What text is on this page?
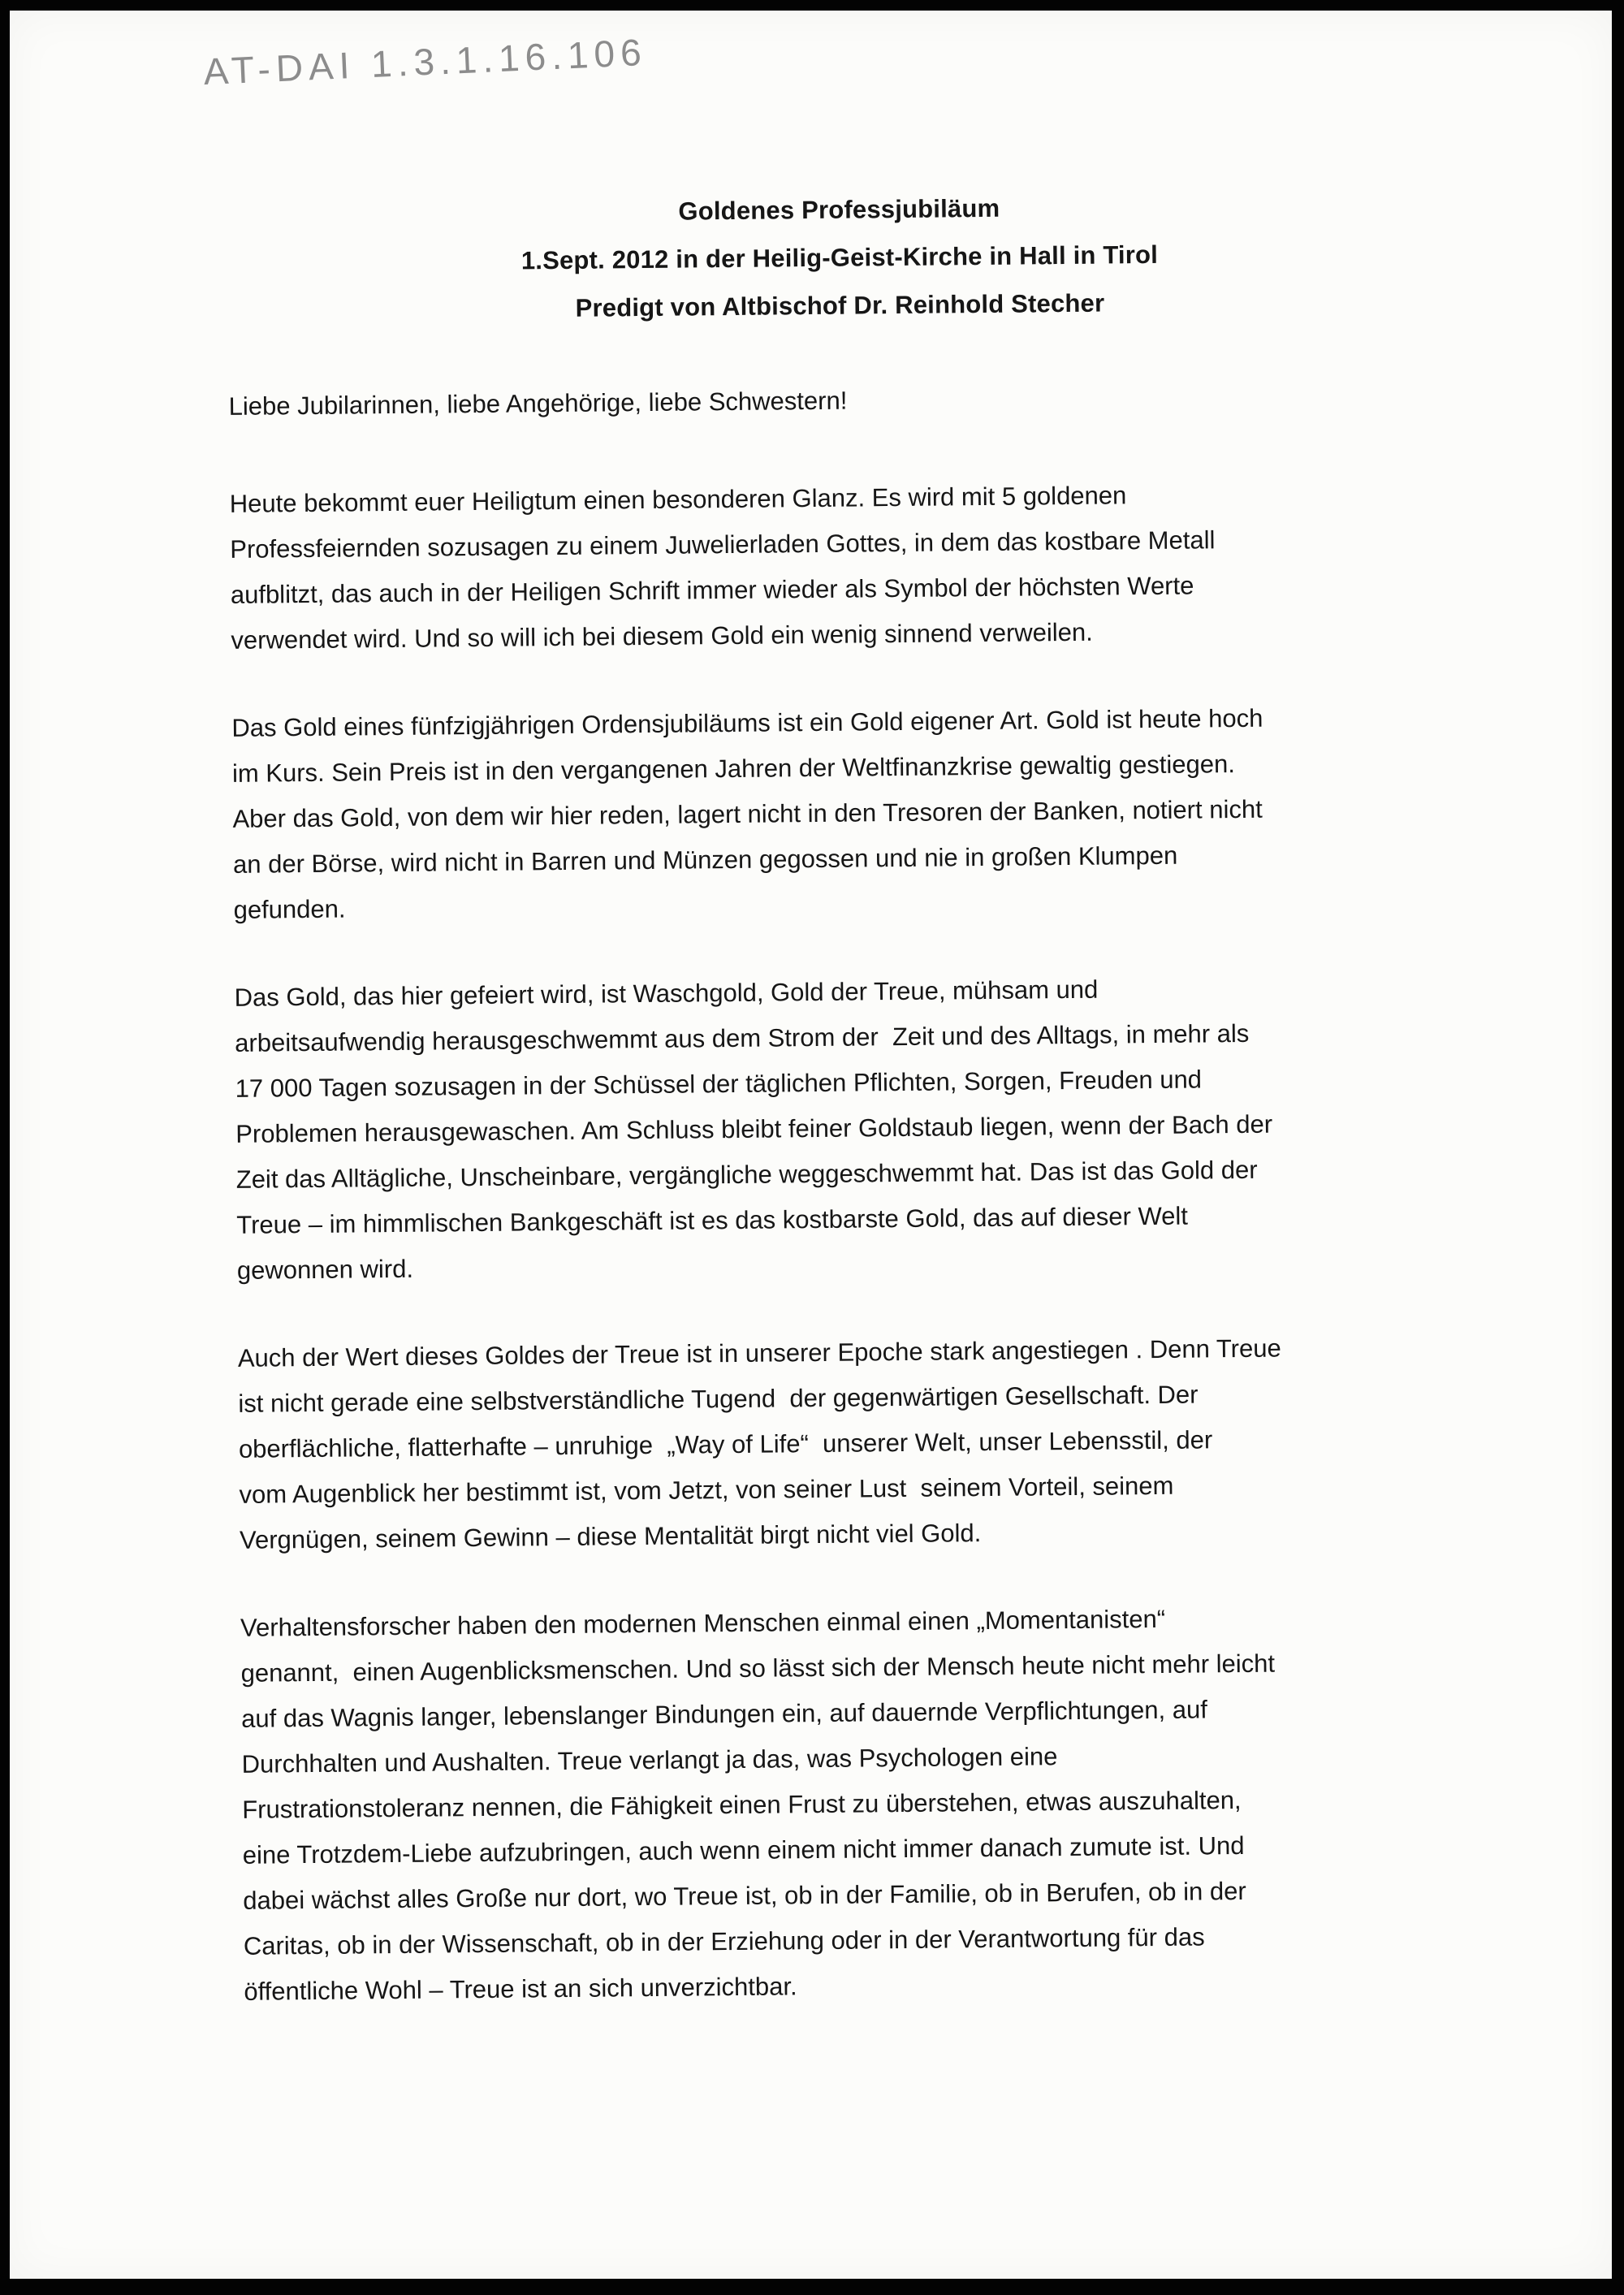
AT-DAI 1.3.1.16.106
Goldenes Professjubiläum
1.Sept. 2012 in der Heilig-Geist-Kirche in Hall in Tirol
Predigt von Altbischof Dr. Reinhold Stecher

Liebe Jubilarinnen, liebe Angehörige, liebe Schwestern!

Heute bekommt euer Heiligtum einen besonderen Glanz. Es wird mit 5 goldenen
Professfeiernden sozusagen zu einem Juwelierladen Gottes, in dem das kostbare Metall
aufblitzt, das auch in der Heiligen Schrift immer wieder als Symbol der höchsten Werte
verwendet wird. Und so will ich bei diesem Gold ein wenig sinnend verweilen.

Das Gold eines fünfzigjährigen Ordensjubiläums ist ein Gold eigener Art. Gold ist heute hoch
im Kurs. Sein Preis ist in den vergangenen Jahren der Weltfinanzkrise gewaltig gestiegen.
Aber das Gold, von dem wir hier reden, lagert nicht in den Tresoren der Banken, notiert nicht
an der Börse, wird nicht in Barren und Münzen gegossen und nie in großen Klumpen
gefunden.

Das Gold, das hier gefeiert wird, ist Waschgold, Gold der Treue, mühsam und
arbeitsaufwendig herausgeschwemmt aus dem Strom der  Zeit und des Alltags, in mehr als
17 000 Tagen sozusagen in der Schüssel der täglichen Pflichten, Sorgen, Freuden und
Problemen herausgewaschen. Am Schluss bleibt feiner Goldstaub liegen, wenn der Bach der
Zeit das Alltägliche, Unscheinbare, vergängliche weggeschwemmt hat. Das ist das Gold der
Treue – im himmlischen Bankgeschäft ist es das kostbarste Gold, das auf dieser Welt
gewonnen wird.

Auch der Wert dieses Goldes der Treue ist in unserer Epoche stark angestiegen . Denn Treue
ist nicht gerade eine selbstverständliche Tugend  der gegenwärtigen Gesellschaft. Der
oberflächliche, flatterhafte – unruhige  „Way of Life“  unserer Welt, unser Lebensstil, der
vom Augenblick her bestimmt ist, vom Jetzt, von seiner Lust  seinem Vorteil, seinem
Vergnügen, seinem Gewinn – diese Mentalität birgt nicht viel Gold.

Verhaltensforscher haben den modernen Menschen einmal einen „Momentanisten“
genannt,  einen Augenblicksmenschen. Und so lässt sich der Mensch heute nicht mehr leicht
auf das Wagnis langer, lebenslanger Bindungen ein, auf dauernde Verpflichtungen, auf
Durchhalten und Aushalten. Treue verlangt ja das, was Psychologen eine
Frustrationstoleranz nennen, die Fähigkeit einen Frust zu überstehen, etwas auszuhalten,
eine Trotzdem-Liebe aufzubringen, auch wenn einem nicht immer danach zumute ist. Und
dabei wächst alles Große nur dort, wo Treue ist, ob in der Familie, ob in Berufen, ob in der
Caritas, ob in der Wissenschaft, ob in der Erziehung oder in der Verantwortung für das
öffentliche Wohl – Treue ist an sich unverzichtbar.
